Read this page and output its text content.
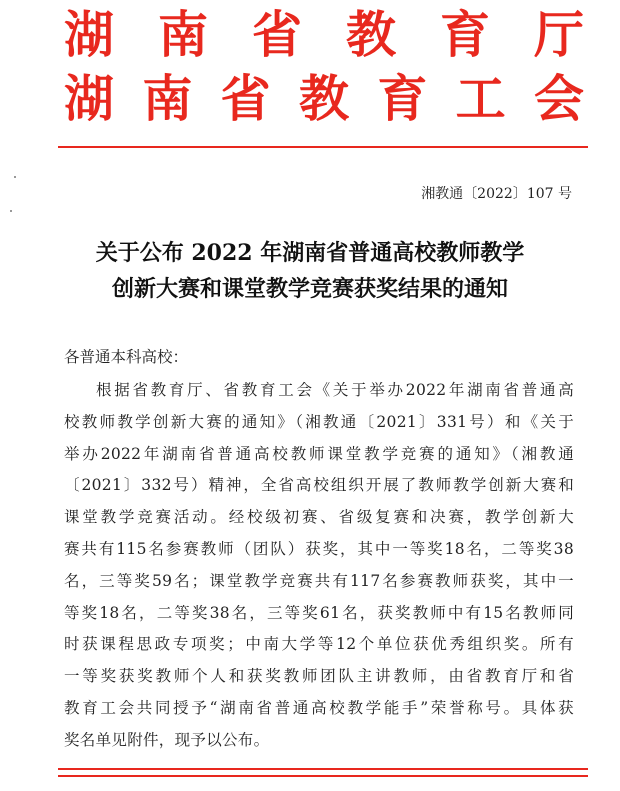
湖 南 省 教 育 厅
湖 南 省 教 育 工 会
湘教通〔2022〕107 号
关于公布 2022 年湖南省普通高校教师教学
创新大赛和课堂教学竞赛获奖结果的通知
各普通本科高校：
根据省教育厅、省教育工会《关于举办2022年湖南省普通高
校教师教学创新大赛的通知》（湘教通〔2021〕331号）和《关于
举办2022年湖南省普通高校教师课堂教学竞赛的通知》（湘教通
〔2021〕332号）精神，全省高校组织开展了教师教学创新大赛和
课堂教学竞赛活动。经校级初赛、省级复赛和决赛，教学创新大
赛共有115名参赛教师（团队）获奖，其中一等奖18名，二等奖38
名，三等奖59名；课堂教学竞赛共有117名参赛教师获奖，其中一
等奖18名，二等奖38名，三等奖61名，获奖教师中有15名教师同
时获课程思政专项奖；中南大学等12个单位获优秀组织奖。所有
一等奖获奖教师个人和获奖教师团队主讲教师，由省教育厅和省
教育工会共同授予“湖南省普通高校教学能手”荣誉称号。具体获
奖名单见附件，现予以公布。
